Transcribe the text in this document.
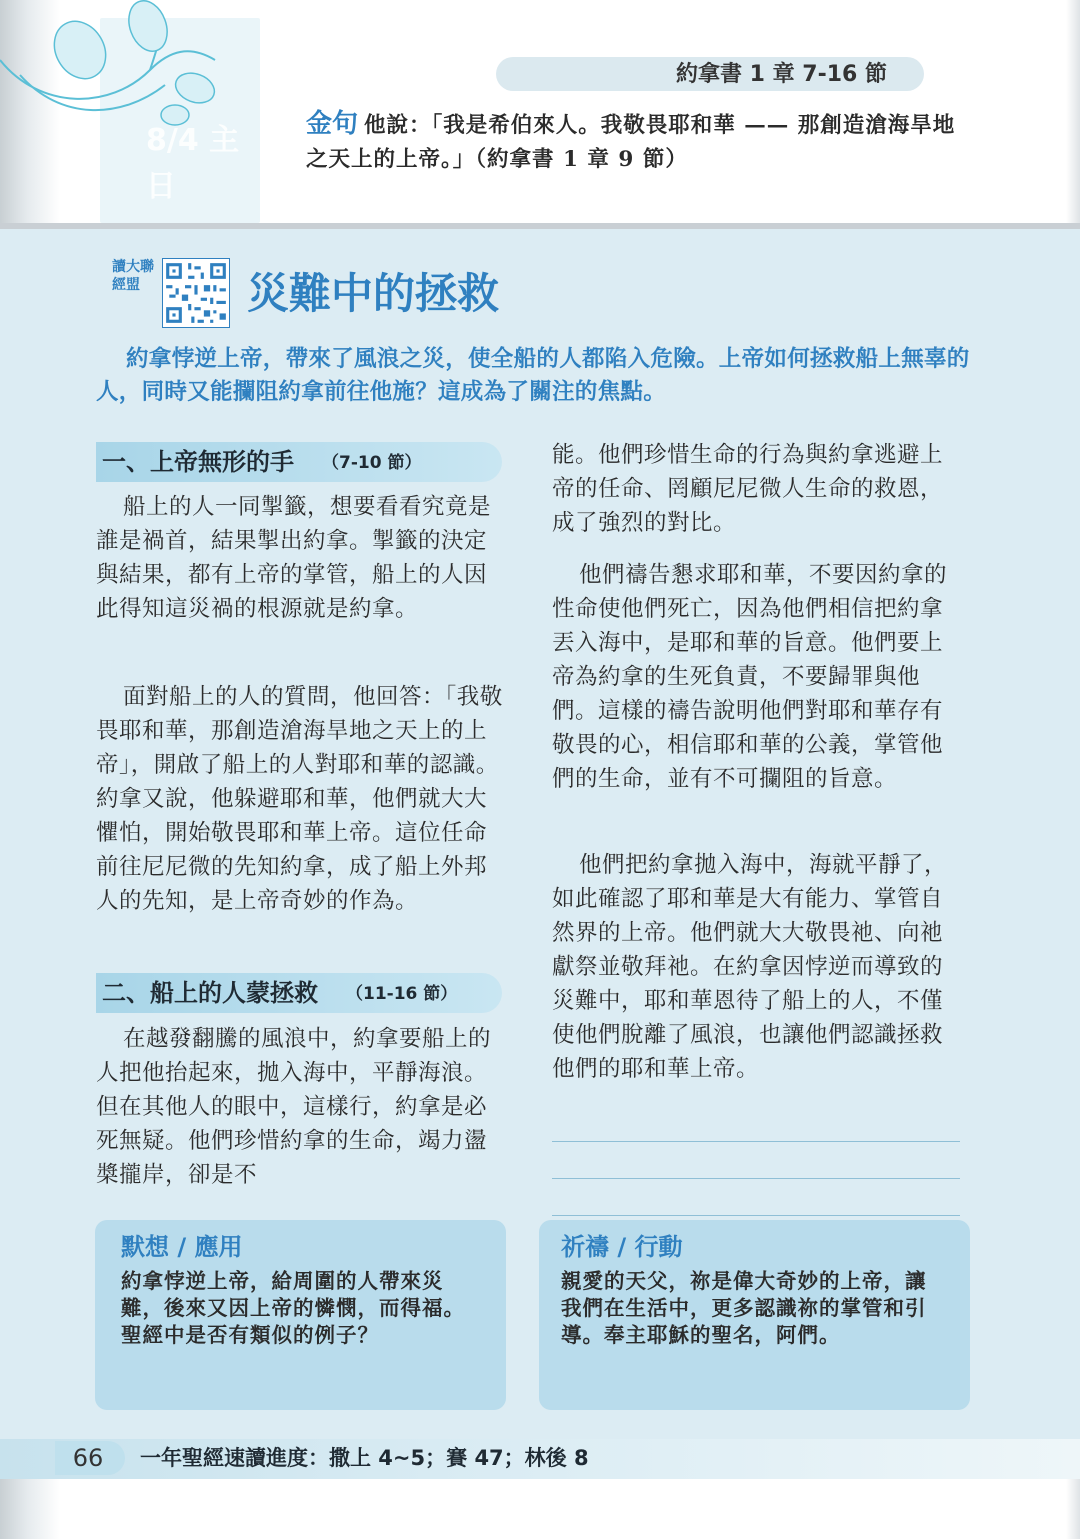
8/4 主日
約拿書 1 章 7-16 節
金句 他說：「我是希伯來人。我敬畏耶和華 —— 那創造滄海旱地之天上的上帝。」（約拿書 1 章 9 節）
讀大聯經盟	災難中的拯救
約拿悖逆上帝，帶來了風浪之災，使全船的人都陷入危險。上帝如何拯救船上無辜的人，同時又能攔阻約拿前往他施？這成為了關注的焦點。
一、上帝無形的手 （7-10 節）
船上的人一同掣籤，想要看看究竟是誰是禍首，結果掣出約拿。掣籤的決定與結果，都有上帝的掌管，船上的人因此得知這災禍的根源就是約拿。
面對船上的人的質問，他回答：「我敬畏耶和華，那創造滄海旱地之天上的上帝」，開啟了船上的人對耶和華的認識。約拿又說，他躲避耶和華，他們就大大懼怕，開始敬畏耶和華上帝。這位任命前往尼尼微的先知約拿，成了船上外邦人的先知，是上帝奇妙的作為。
二、船上的人蒙拯救 （11-16 節）
在越發翻騰的風浪中，約拿要船上的人把他抬起來，拋入海中，平靜海浪。但在其他人的眼中，這樣行，約拿是必死無疑。他們珍惜約拿的生命，竭力盪槳攏岸，卻是不
能。他們珍惜生命的行為與約拿逃避上帝的任命、罔顧尼尼微人生命的救恩，成了強烈的對比。
他們禱告懇求耶和華，不要因約拿的性命使他們死亡，因為他們相信把約拿丟入海中，是耶和華的旨意。他們要上帝為約拿的生死負責，不要歸罪與他們。這樣的禱告說明他們對耶和華存有敬畏的心，相信耶和華的公義，掌管他們的生命，並有不可攔阻的旨意。
他們把約拿拋入海中，海就平靜了，如此確認了耶和華是大有能力、掌管自然界的上帝。他們就大大敬畏祂、向祂獻祭並敬拜祂。在約拿因悖逆而導致的災難中，耶和華恩待了船上的人，不僅使他們脫離了風浪，也讓他們認識拯救他們的耶和華上帝。
默想 / 應用
約拿悖逆上帝，給周圍的人帶來災難，後來又因上帝的憐憫，而得福。聖經中是否有類似的例子？
祈禱 / 行動
親愛的天父，祢是偉大奇妙的上帝，讓我們在生活中，更多認識祢的掌管和引導。奉主耶穌的聖名，阿們。
66	一年聖經速讀進度：撒上 4~5；賽 47；林後 8
